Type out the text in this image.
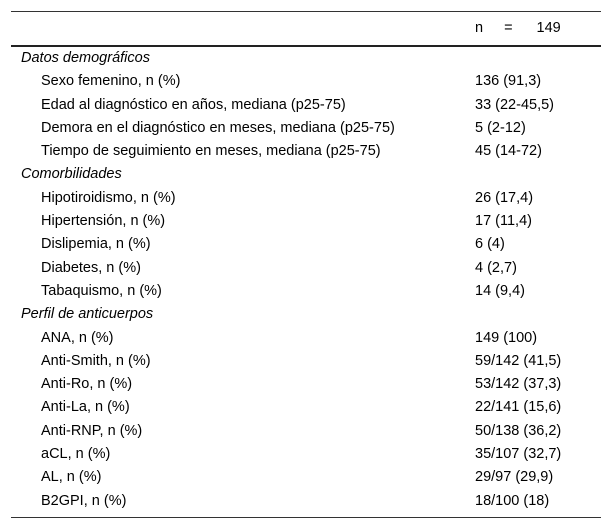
n = 149
Datos demográficos
Sexo femenino, n (%)	136 (91,3)
Edad al diagnóstico en años, mediana (p25-75)	33 (22-45,5)
Demora en el diagnóstico en meses, mediana (p25-75)	5 (2-12)
Tiempo de seguimiento en meses, mediana (p25-75)	45 (14-72)
Comorbilidades
Hipotiroidismo, n (%)	26 (17,4)
Hipertensión, n (%)	17 (11,4)
Dislipemia, n (%)	6 (4)
Diabetes, n (%)	4 (2,7)
Tabaquismo, n (%)	14 (9,4)
Perfil de anticuerpos
ANA, n (%)	149 (100)
Anti-Smith, n (%)	59/142 (41,5)
Anti-Ro, n (%)	53/142 (37,3)
Anti-La, n (%)	22/141 (15,6)
Anti-RNP, n (%)	50/138 (36,2)
aCL, n (%)	35/107 (32,7)
AL, n (%)	29/97 (29,9)
B2GPI, n (%)	18/100 (18)
